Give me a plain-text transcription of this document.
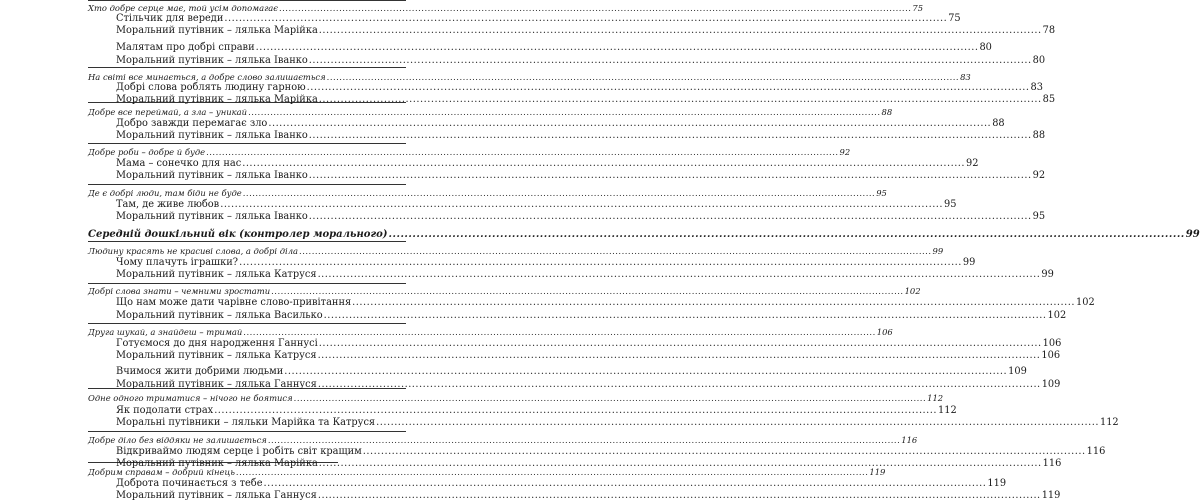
Хто добре серце має, той усім допомагає .....	75
Стільчик для вереди .....	75
Моральний путівник – лялька Марійка .....	78
Малятам про добрі справи .....	80
Моральний путівник – лялька Іванко .....	80
На світі все минається, а добре слово залишається .....	83
Добрі слова роблять людину гарною .....	83
Моральний путівник – лялька Марійка .....	85
Добре все переймай, а зла – уникай .....	88
Добро завжди перемагає зло .....	88
Моральний путівник – лялька Іванко .....	88
Добре роби – добре й буде .....	92
Мама – сонечко для нас .....	92
Моральний путівник – лялька Іванко .....	92
Де є добрі люди, там біди не буде .....	95
Там, де живе любов .....	95
Моральний путівник – лялька Іванко .....	95
Середній дошкільний вік (контролер морального) .....	99
Людину красять не красиві слова, а добрі діла .....	99
Чому плачуть іграшки? .....	99
Моральний путівник – лялька Катруся .....	99
Добрі слова знати – чемними зростати .....	102
Що нам може дати чарівне слово-привітання .....	102
Моральний путівник – лялька Василько .....	102
Друга шукай, а знайдеш – тримай .....	106
Готуємося до дня народження Ганнусі .....	106
Моральний путівник – лялька Катруся .....	106
Вчимося жити добрими людьми .....	109
Моральний путівник – лялька Ганнуся .....	109
Одне одного триматися – нічого не боятися .....	112
Як подолати страх .....	112
Моральні путівники – ляльки Марійка та Катруся .....	112
Добре діло без віддяки не залишається .....	116
Відкриваймо людям серце і робіть світ кращим .....	116
Моральний путівник – лялька Марійка .....	116
Добрим справам – добрий кінець .....	119
Доброта починається з тебе .....	119
Моральний путівник – лялька Ганнуся .....	119
